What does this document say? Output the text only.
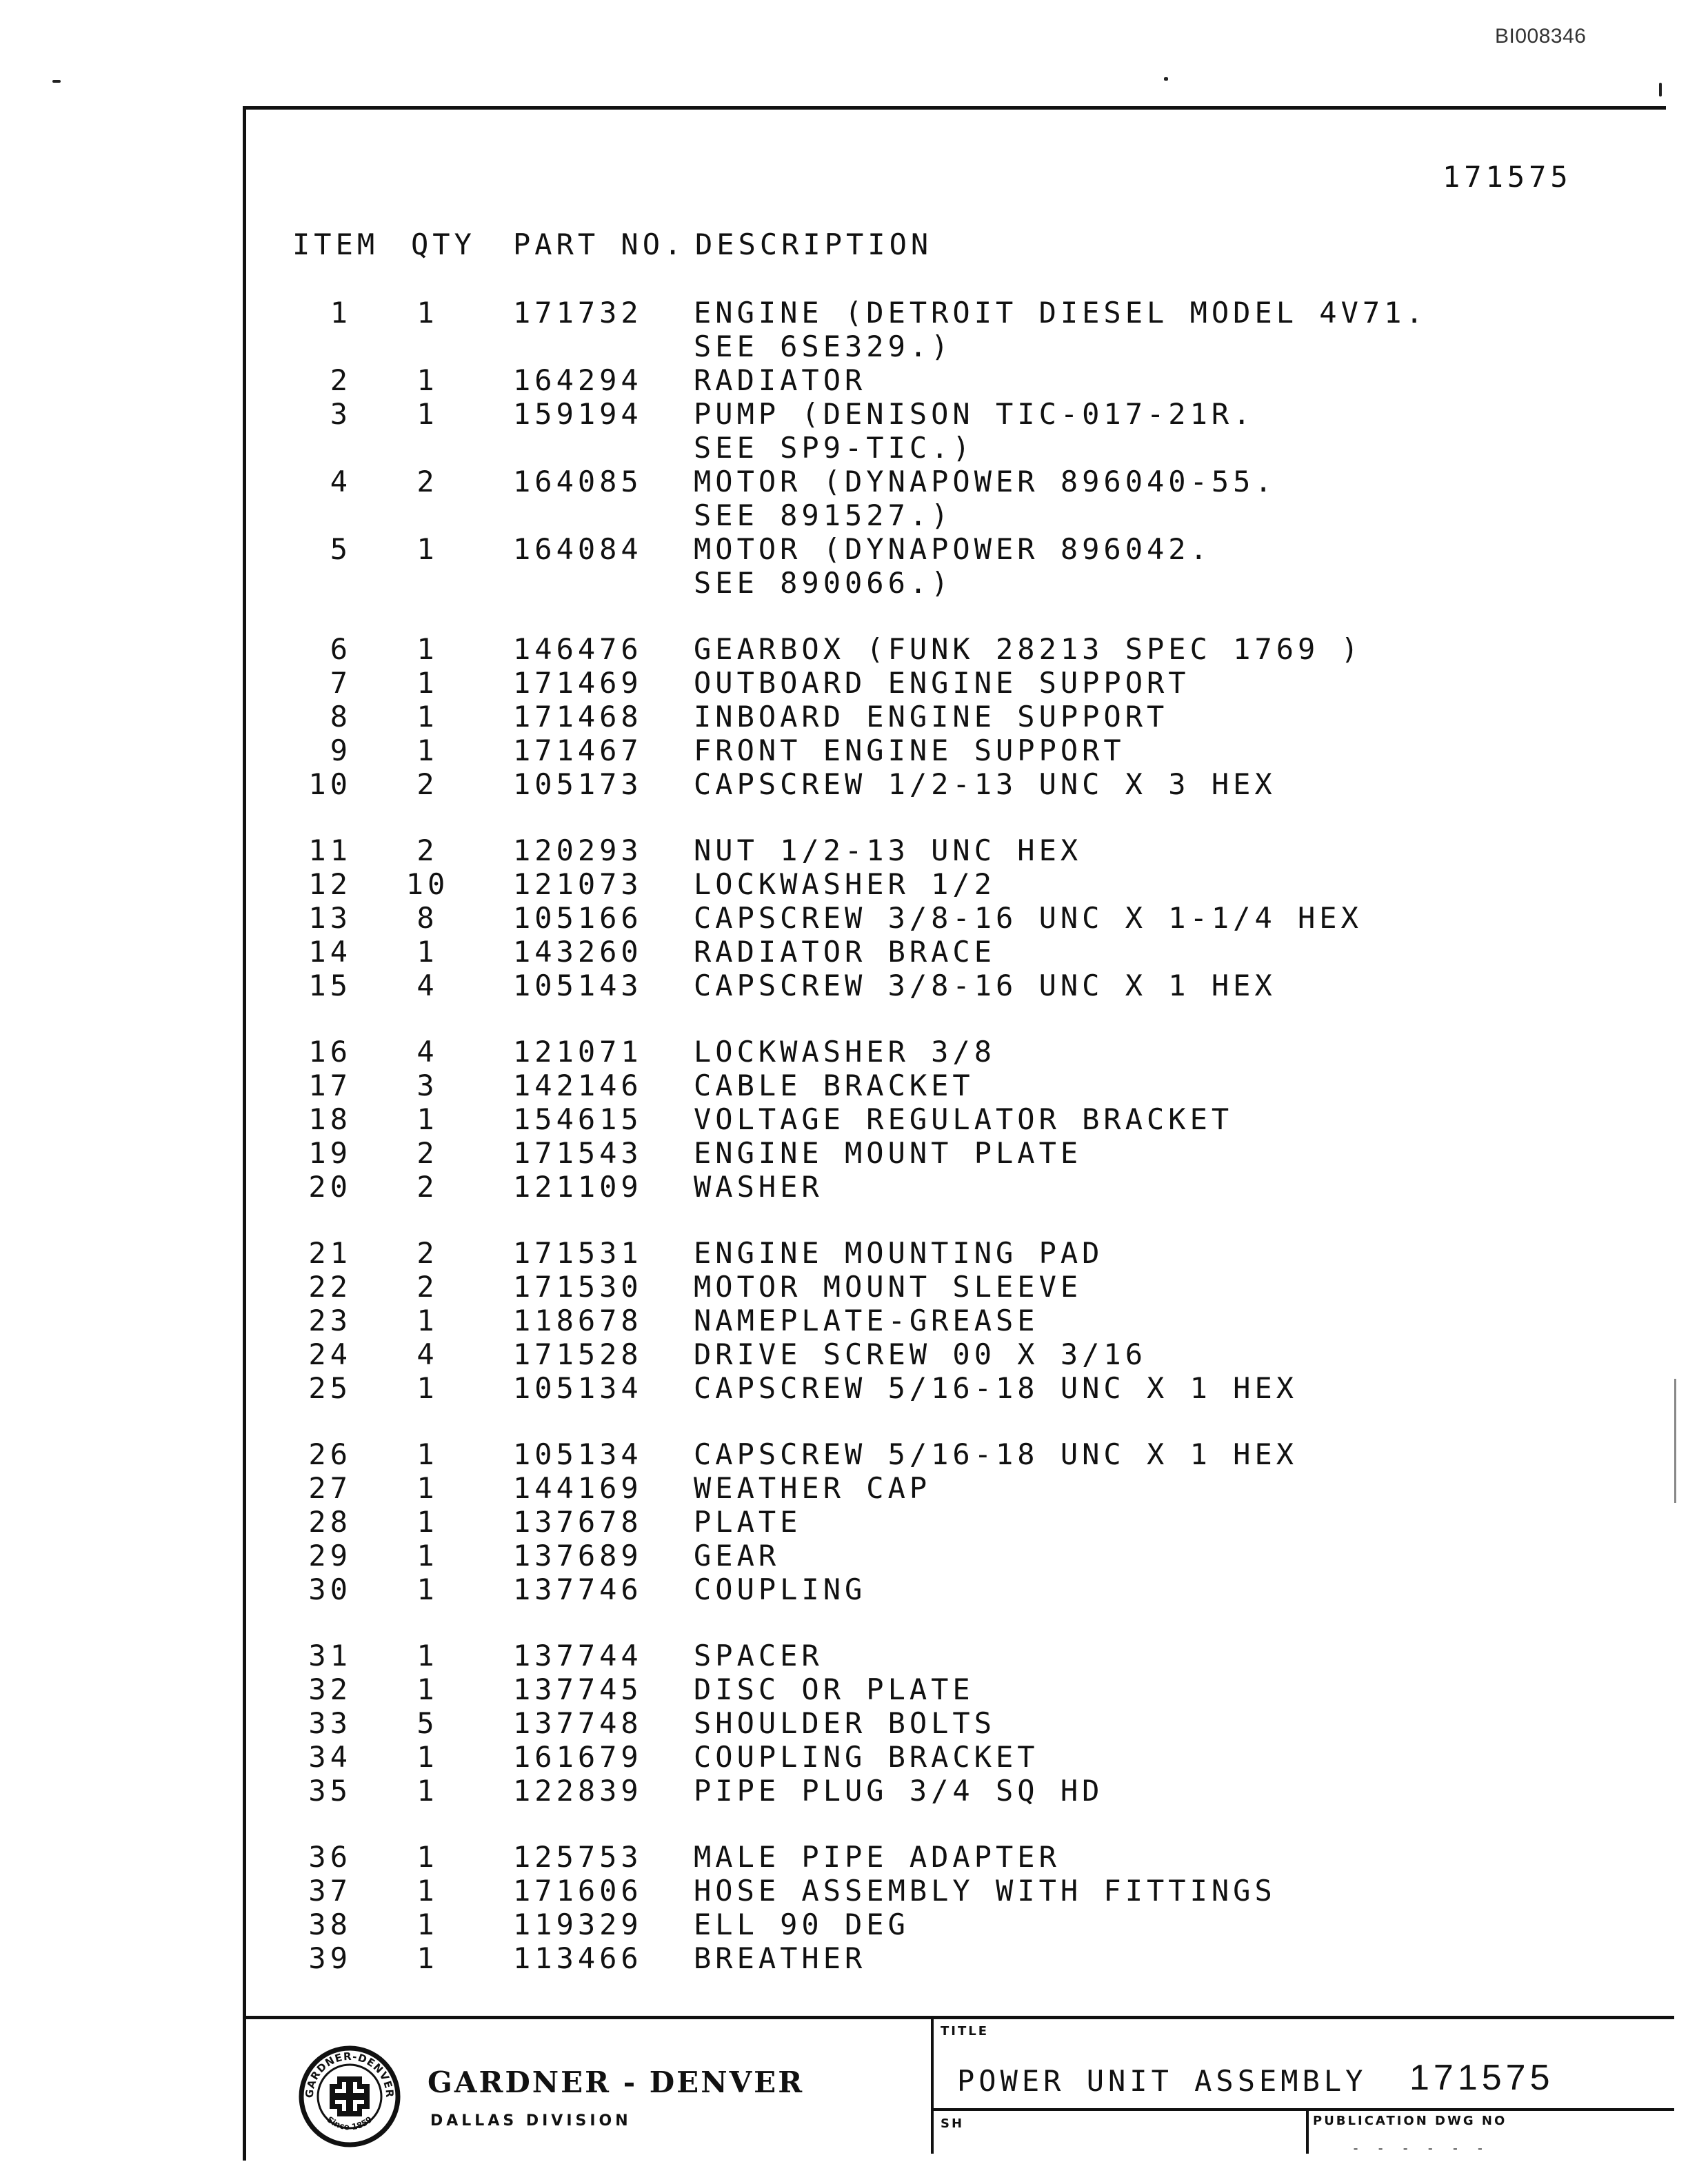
BI008346
171575
ITEM QTY PART NO. DESCRIPTION
1	1	171732 ENGINE (DETROIT DIESEL MODEL 4V71.
SEE 6SE329.)
2	1	164294 RADIATOR
3	1	159194 PUMP (DENISON TIC-017-21R.
SEE SP9-TIC.)
4	2	164085 MOTOR (DYNAPOWER 896040-55.
SEE 891527.)
5	1	164084 MOTOR (DYNAPOWER 896042.
SEE 890066.)
6	1	146476 GEARBOX (FUNK 28213 SPEC 1769 )
7	1	171469 OUTBOARD ENGINE SUPPORT
8	1	171468 INBOARD ENGINE SUPPORT
9	1	171467 FRONT ENGINE SUPPORT
10	2	105173 CAPSCREW 1/2-13 UNC X 3 HEX
11	2	120293 NUT 1/2-13 UNC HEX
12 10 121073 LOCKWASHER 1/2
13	8	105166 CAPSCREW 3/8-16 UNC X 1-1/4 HEX
14	1	143260 RADIATOR BRACE
15	4	105143 CAPSCREW 3/8-16 UNC X 1 HEX
16	4	121071 LOCKWASHER 3/8
17	3	142146 CABLE BRACKET
18	1	154615 VOLTAGE REGULATOR BRACKET
19	2	171543 ENGINE MOUNT PLATE
20	2	121109 WASHER
21	2	171531 ENGINE MOUNTING PAD
22	2	171530 MOTOR MOUNT SLEEVE
23	1	118678 NAMEPLATE-GREASE
24	4	171528 DRIVE SCREW 00 X 3/16
25	1	105134 CAPSCREW 5/16-18 UNC X 1 HEX
26	1	105134 CAPSCREW 5/16-18 UNC X 1 HEX
27	1	144169 WEATHER CAP
28	1	137678 PLATE
29	1	137689 GEAR
30	1	137746 COUPLING
31	1	137744 SPACER
32	1	137745 DISC OR PLATE
33	5	137748 SHOULDER BOLTS
34	1	161679 COUPLING BRACKET
35	1	122839 PIPE PLUG 3/4 SQ HD
36	1	125753 MALE PIPE ADAPTER
37	1	171606 HOSE ASSEMBLY WITH FITTINGS
38	1	119329 ELL 90 DEG
39	1	113466 BREATHER
GARDNER-DENVER
Since 1859
GARDNER - DENVER
DALLAS DIVISION
TITLE
POWER UNIT ASSEMBLY 171575
SH	PUBLICATION DWG NO
- - - - - -
